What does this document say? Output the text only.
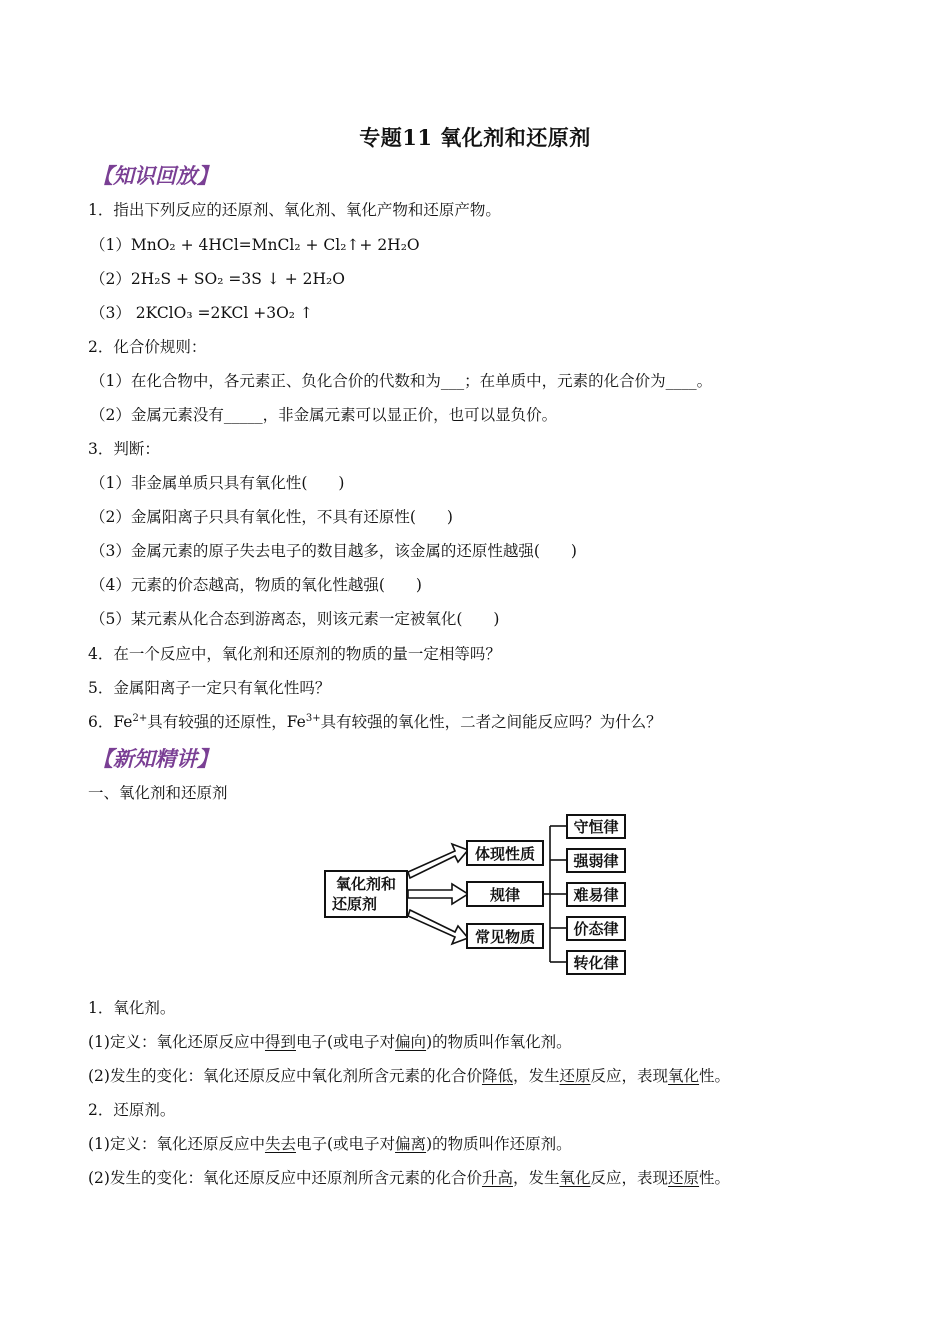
专题11 氧化剂和还原剂
【知识回放】
1．指出下列反应的还原剂、氧化剂、氧化产物和还原产物。
（1）MnO₂ + 4HCl=MnCl₂ + Cl₂↑+ 2H₂O
（2）2H₂S + SO₂ =3S ↓ + 2H₂O
（3） 2KClO₃ =2KCl +3O₂ ↑
2．化合价规则：
（1）在化合物中，各元素正、负化合价的代数和为___；在单质中，元素的化合价为____。
（2）金属元素没有_____，非金属元素可以显正价，也可以显负价。
3．判断：
（1）非金属单质只具有氧化性(　　)
（2）金属阳离子只具有氧化性，不具有还原性(　　)
（3）金属元素的原子失去电子的数目越多，该金属的还原性越强(　　)
（4）元素的价态越高，物质的氧化性越强(　　)
（5）某元素从化合态到游离态，则该元素一定被氧化(　　)
4．在一个反应中，氧化剂和还原剂的物质的量一定相等吗？
5．金属阳离子一定只有氧化性吗？
6．$Fe^{2+}$具有较强的还原性，$Fe^{3+}$具有较强的氧化性，二者之间能反应吗？为什么？
【新知精讲】
一、氧化剂和还原剂
氧化剂和
还原剂
体现性质
规律
常见物质
守恒律
强弱律
难易律
价态律
转化律
1．氧化剂。
(1)定义：氧化还原反应中得到电子(或电子对偏向)的物质叫作氧化剂。
(2)发生的变化：氧化还原反应中氧化剂所含元素的化合价降低，发生还原反应，表现氧化性。
2．还原剂。
(1)定义：氧化还原反应中失去电子(或电子对偏离)的物质叫作还原剂。
(2)发生的变化：氧化还原反应中还原剂所含元素的化合价升高，发生氧化反应，表现还原性。
